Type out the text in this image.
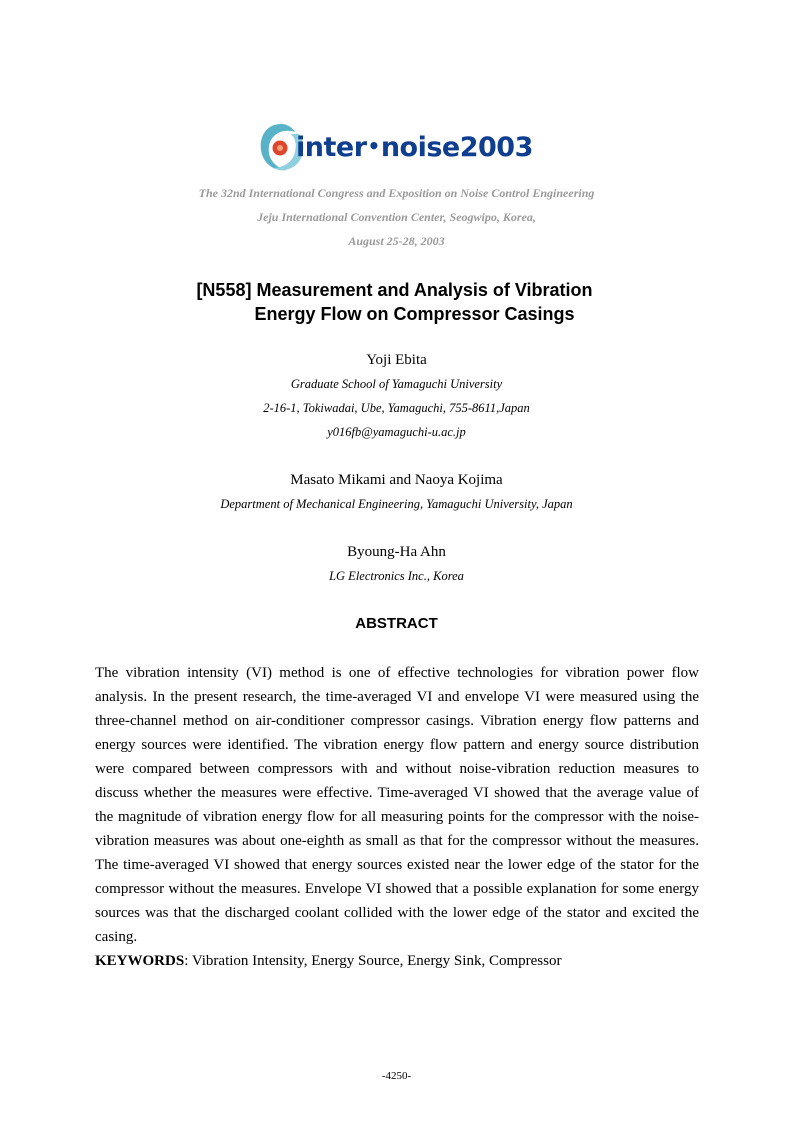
inter•noise2003
The 32nd International Congress and Exposition on Noise Control Engineering
Jeju International Convention Center, Seogwipo, Korea,
August 25-28, 2003
[N558] Measurement and Analysis of Vibration
Energy Flow on Compressor Casings
Yoji Ebita
Graduate School of Yamaguchi University
2-16-1, Tokiwadai, Ube, Yamaguchi, 755-8611,Japan
y016fb@yamaguchi-u.ac.jp
Masato Mikami and Naoya Kojima
Department of Mechanical Engineering, Yamaguchi University, Japan
Byoung-Ha Ahn
LG Electronics Inc., Korea
ABSTRACT

The vibration intensity (VI) method is one of effective technologies for vibration power flow analysis. In the present research, the time-averaged VI and envelope VI were measured using the three-channel method on air-conditioner compressor casings. Vibration energy flow patterns and energy sources were identified. The vibration energy flow pattern and energy source distribution were compared between compressors with and without noise-vibration reduction measures to discuss whether the measures were effective. Time-averaged VI showed that the average value of the magnitude of vibration energy flow for all measuring points for the compressor with the noise-vibration measures was about one-eighth as small as that for the compressor without the measures. The time-averaged VI showed that energy sources existed near the lower edge of the stator for the compressor without the measures. Envelope VI showed that a possible explanation for some energy sources was that the discharged coolant collided with the lower edge of the stator and excited the casing.

KEYWORDS: Vibration Intensity, Energy Source, Energy Sink, Compressor
-4250-
